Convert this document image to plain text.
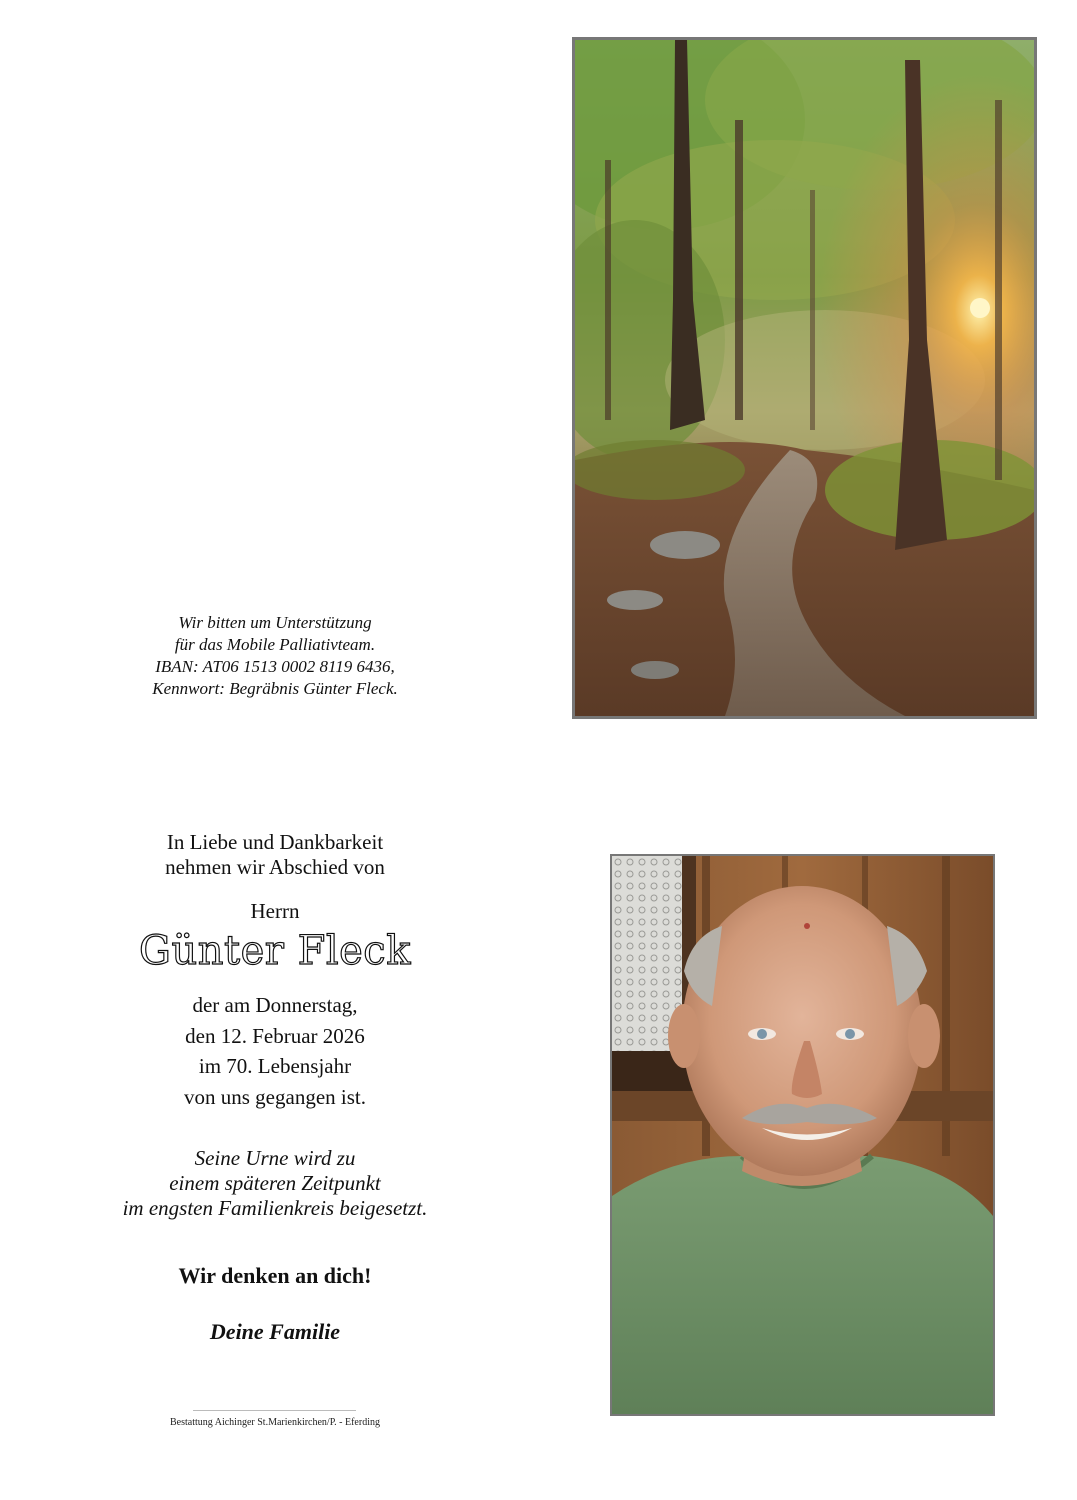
Wir bitten um Unterstützung
für das Mobile Palliativteam.
IBAN: AT06 1513 0002 8119 6436,
Kennwort: Begräbnis Günter Fleck.
In Liebe und Dankbarkeit
nehmen wir Abschied von
Herrn
Günter Fleck
der am Donnerstag,
den 12. Februar 2026
im 70. Lebensjahr
von uns gegangen ist.
Seine Urne wird zu
einem späteren Zeitpunkt
im engsten Familienkreis beigesetzt.
Wir denken an dich!
Deine Familie
Bestattung Aichinger St.Marienkirchen/P. - Eferding
